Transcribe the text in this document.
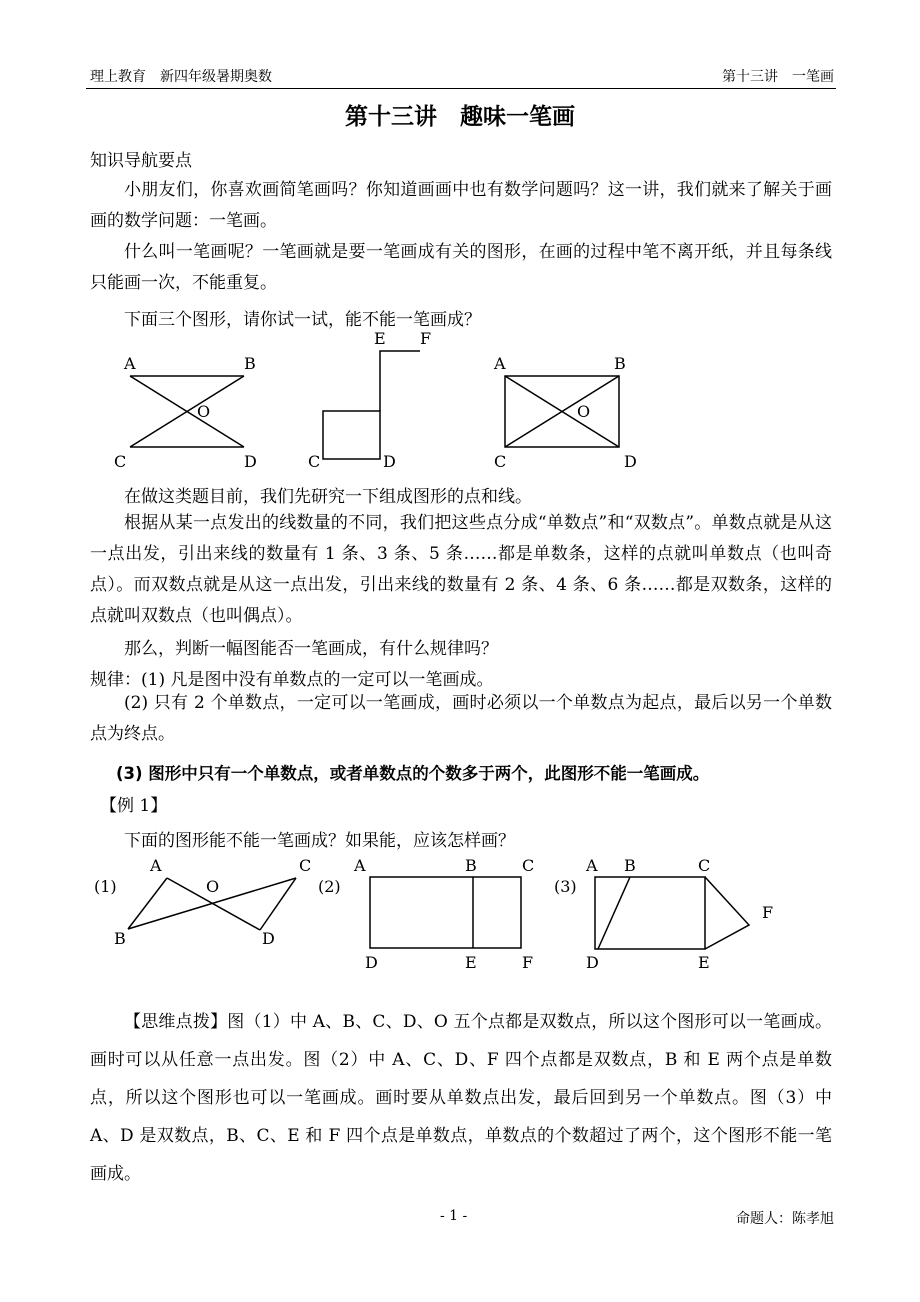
理上教育　新四年级暑期奥数	第十三讲　一笔画
第十三讲　趣味一笔画
知识导航要点
小朋友们，你喜欢画简笔画吗？你知道画画中也有数学问题吗？这一讲，我们就来了解关于画画的数学问题：一笔画。
什么叫一笔画呢？一笔画就是要一笔画成有关的图形，在画的过程中笔不离开纸，并且每条线只能画一次，不能重复。
下面三个图形，请你试一试，能不能一笔画成？
A	B
O
C	D
E F
C	D
A	B
O
C	D
(1)
A
O
C
B	D
(2)
A	B	C
D	E	F
(3)
A B	C
F
D	E
在做这类题目前，我们先研究一下组成图形的点和线。
根据从某一点发出的线数量的不同，我们把这些点分成“单数点”和“双数点”。单数点就是从这一点出发，引出来线的数量有 1 条、3 条、5 条……都是单数条，这样的点就叫单数点（也叫奇点）。而双数点就是从这一点出发，引出来线的数量有 2 条、4 条、6 条……都是双数条，这样的点就叫双数点（也叫偶点）。
那么，判断一幅图能否一笔画成，有什么规律吗？
规律：(1) 凡是图中没有单数点的一定可以一笔画成。
(2) 只有 2 个单数点，一定可以一笔画成，画时必须以一个单数点为起点，最后以另一个单数点为终点。
(3) 图形中只有一个单数点，或者单数点的个数多于两个，此图形不能一笔画成。
【例 1】
下面的图形能不能一笔画成？如果能，应该怎样画？
【思维点拨】图（1）中 A、B、C、D、O 五个点都是双数点，所以这个图形可以一笔画成。画时可以从任意一点出发。图（2）中 A、C、D、F 四个点都是双数点，B 和 E 两个点是单数点，所以这个图形也可以一笔画成。画时要从单数点出发，最后回到另一个单数点。图（3）中 A、D 是双数点，B、C、E 和 F 四个点是单数点，单数点的个数超过了两个，这个图形不能一笔画成。
- 1 -	命题人：陈孝旭
